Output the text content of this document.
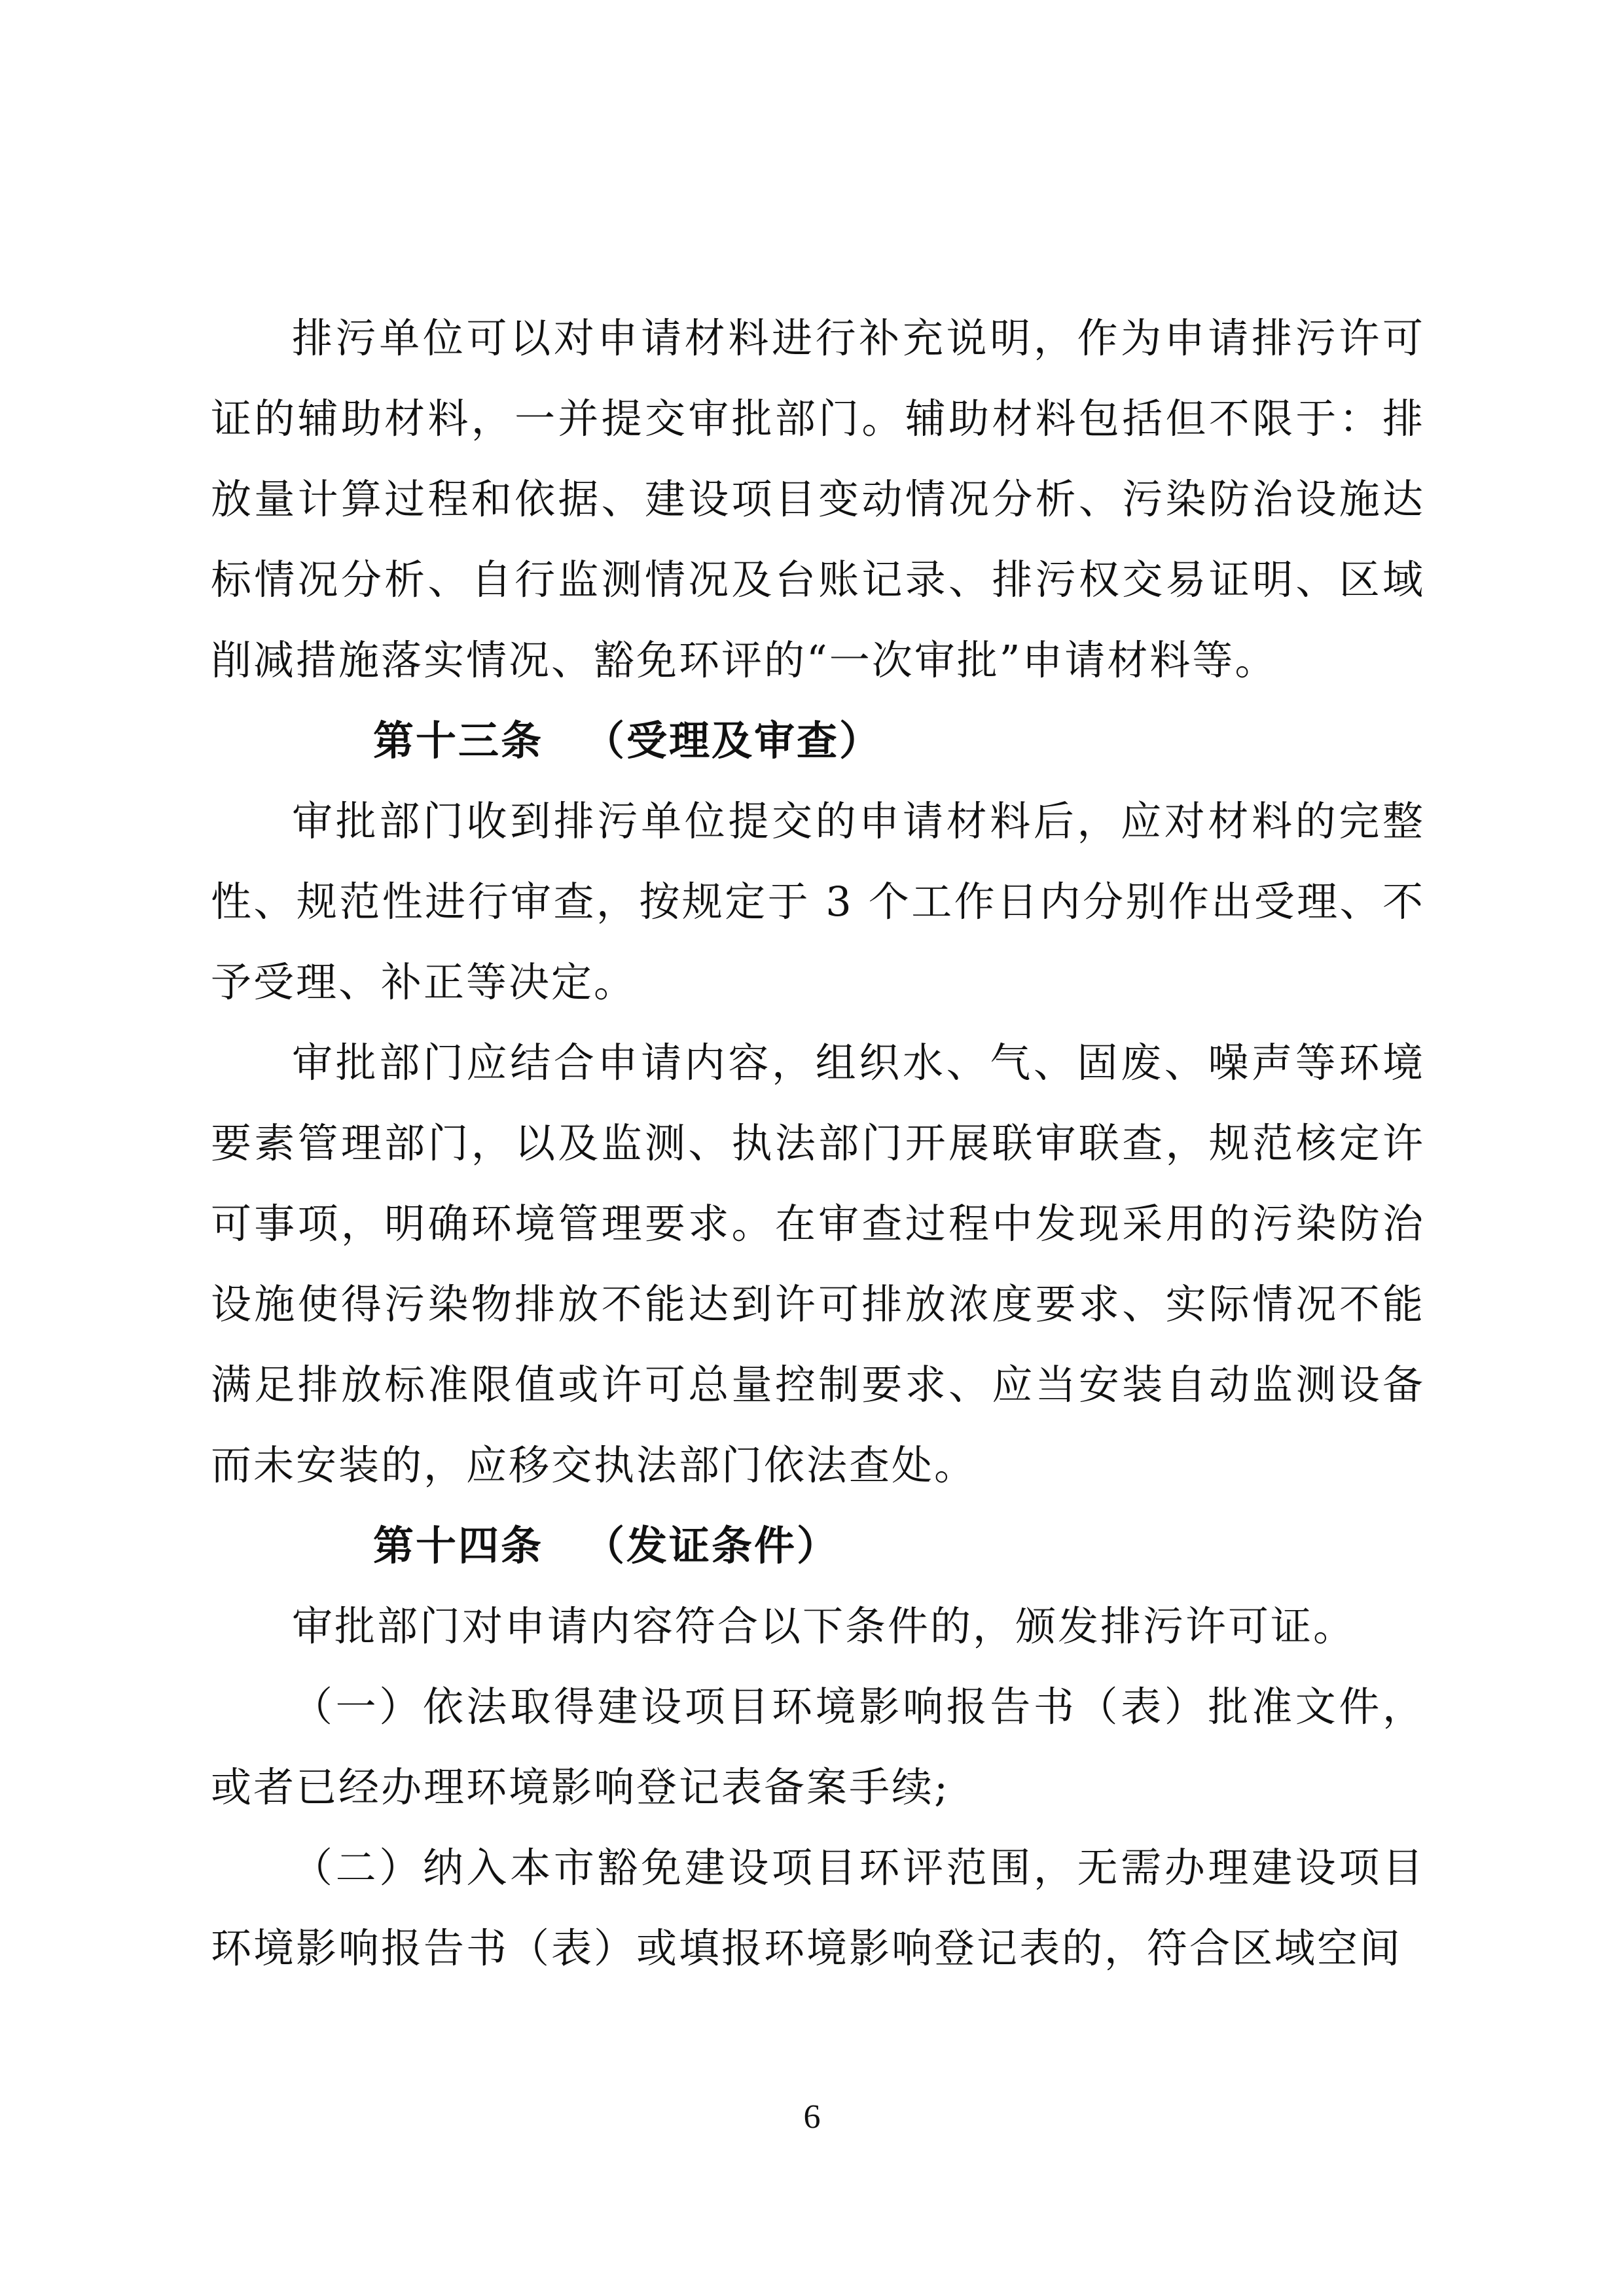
排污单位可以对申请材料进行补充说明，作为申请排污许可证的辅助材料，一并提交审批部门。辅助材料包括但不限于：排放量计算过程和依据、建设项目变动情况分析、污染防治设施达标情况分析、自行监测情况及台账记录、排污权交易证明、区域削减措施落实情况、豁免环评的“一次审批”申请材料等。

第十三条 （受理及审查）

审批部门收到排污单位提交的申请材料后，应对材料的完整性、规范性进行审查，按规定于 3 个工作日内分别作出受理、不予受理、补正等决定。

审批部门应结合申请内容，组织水、气、固废、噪声等环境要素管理部门，以及监测、执法部门开展联审联查，规范核定许可事项，明确环境管理要求。在审查过程中发现采用的污染防治设施使得污染物排放不能达到许可排放浓度要求、实际情况不能满足排放标准限值或许可总量控制要求、应当安装自动监测设备而未安装的，应移交执法部门依法查处。

第十四条 （发证条件）

审批部门对申请内容符合以下条件的，颁发排污许可证。

（一）依法取得建设项目环境影响报告书（表）批准文件，或者已经办理环境影响登记表备案手续;

（二）纳入本市豁免建设项目环评范围，无需办理建设项目环境影响报告书（表）或填报环境影响登记表的，符合区域空间

6
